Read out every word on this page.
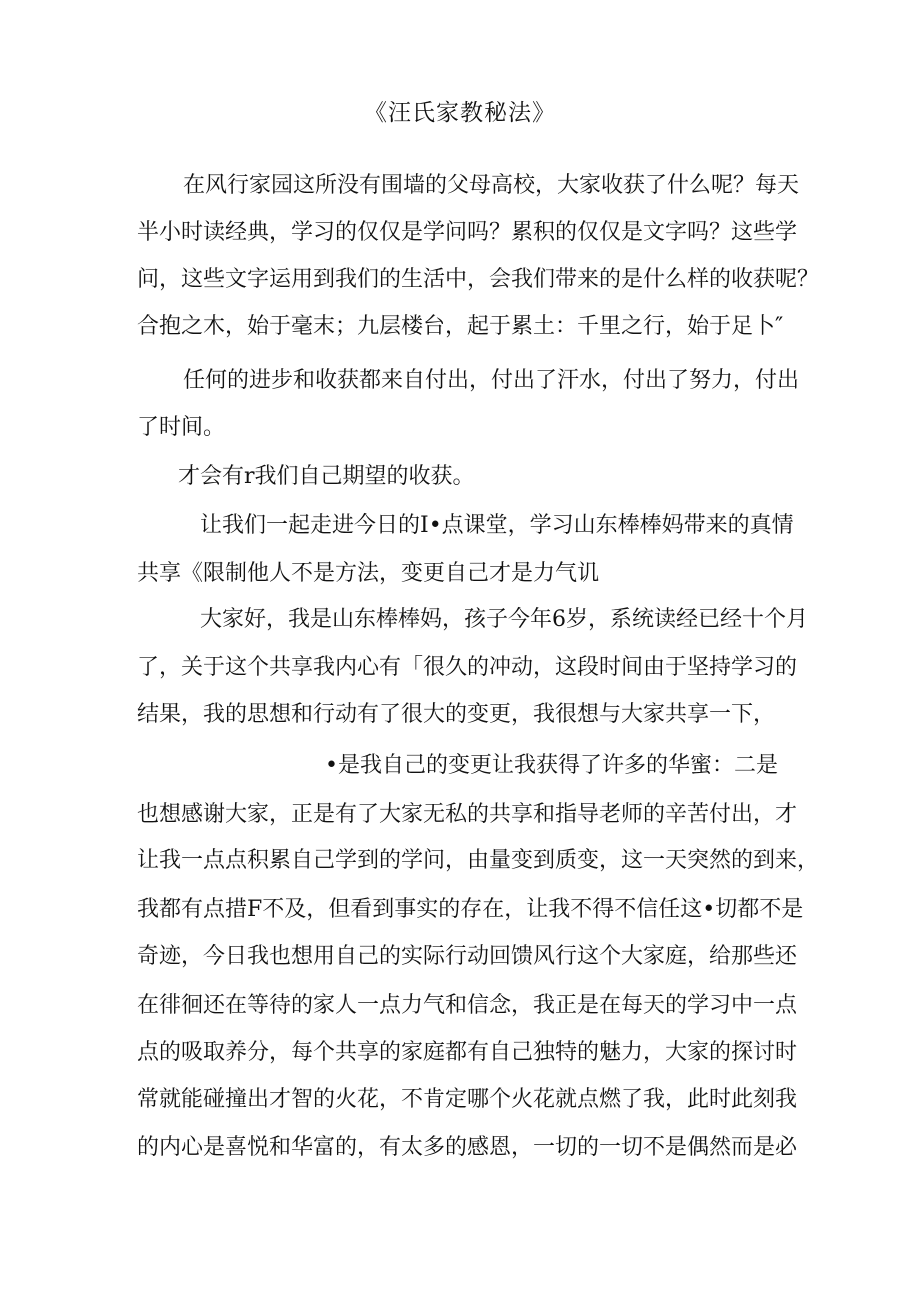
《汪氏家教秘法》
在风行家园这所没有围墙的父母高校，大家收获了什么呢？每天
半小时读经典，学习的仅仅是学问吗？累积的仅仅是文字吗？这些学
问，这些文字运用到我们的生活中，会我们带来的是什么样的收获呢？
合抱之木，始于毫末；九层楼台，起于累土：千里之行，始于足卜″
任何的进步和收获都来自付出，付出了汗水，付出了努力，付出
了时间。
才会有r我们自己期望的收获。
让我们一起走进今日的I•点课堂，学习山东棒棒妈带来的真情
共享《限制他人不是方法，变更自己才是力气讥
大家好，我是山东棒棒妈，孩子今年6岁，系统读经已经十个月
了，关于这个共享我内心有「很久的冲动，这段时间由于坚持学习的
结果，我的思想和行动有了很大的变更，我很想与大家共享一下，
•是我自己的变更让我获得了许多的华蜜：二是
也想感谢大家，正是有了大家无私的共享和指导老师的辛苦付出，才
让我一点点积累自己学到的学问，由量变到质变，这一天突然的到来，
我都有点措F不及，但看到事实的存在，让我不得不信任这•切都不是
奇迹，今日我也想用自己的实际行动回馈风行这个大家庭，给那些还
在徘徊还在等待的家人一点力气和信念，我正是在每天的学习中一点
点的吸取养分，每个共享的家庭都有自己独特的魅力，大家的探讨时
常就能碰撞出才智的火花，不肯定哪个火花就点燃了我，此时此刻我
的内心是喜悦和华富的，有太多的感恩，一切的一切不是偶然而是必
